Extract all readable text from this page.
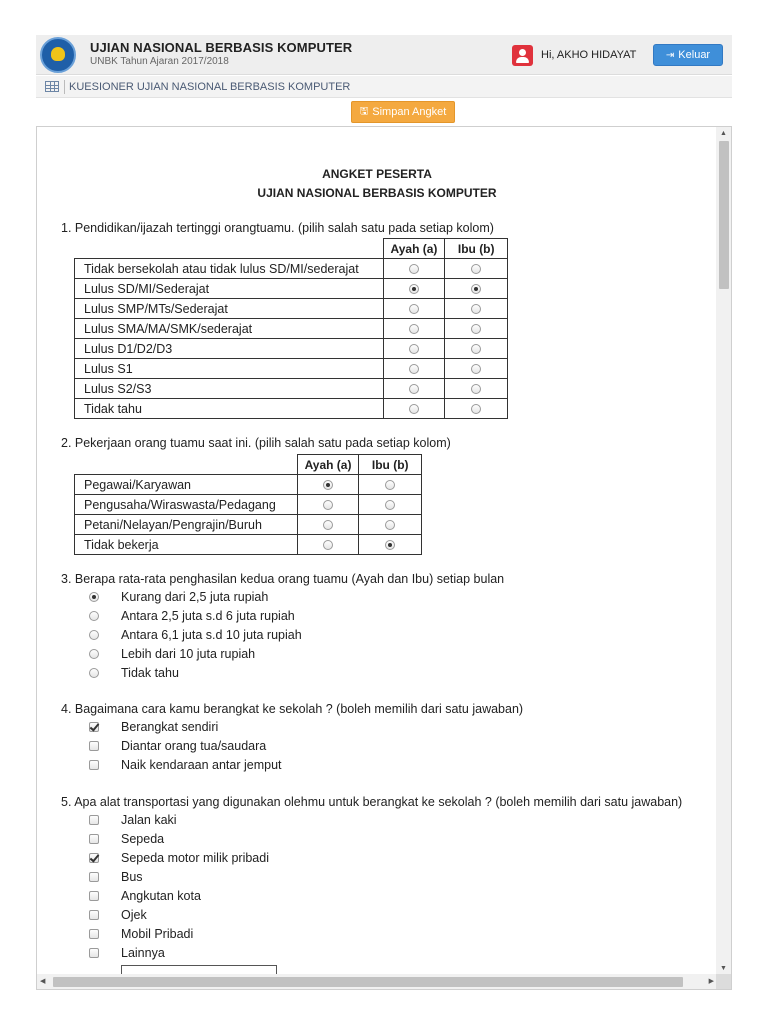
UJIAN NASIONAL BERBASIS KOMPUTER
UNBK Tahun Ajaran 2017/2018
Hi, AKHO HIDAYAT	⇥ Keluar
KUESIONER UJIAN NASIONAL BERBASIS KOMPUTER
🖫 Simpan Angket
ANGKET PESERTA
UJIAN NASIONAL BERBASIS KOMPUTER
1. Pendidikan/ijazah tertinggi orangtuamu. (pilih salah satu pada setiap kolom)
	Ayah (a)	Ibu (b)
Tidak bersekolah atau tidak lulus SD/MI/sederajat		
Lulus SD/MI/Sederajat		
Lulus SMP/MTs/Sederajat		
Lulus SMA/MA/SMK/sederajat		
Lulus D1/D2/D3		
Lulus S1		
Lulus S2/S3		
Tidak tahu		
2. Pekerjaan orang tuamu saat ini. (pilih salah satu pada setiap kolom)
	Ayah (a)	Ibu (b)
Pegawai/Karyawan		
Pengusaha/Wiraswasta/Pedagang		
Petani/Nelayan/Pengrajin/Buruh		
Tidak bekerja		
3. Berapa rata-rata penghasilan kedua orang tuamu (Ayah dan Ibu) setiap bulan
Kurang dari 2,5 juta rupiah
Antara 2,5 juta s.d 6 juta rupiah
Antara 6,1 juta s.d 10 juta rupiah
Lebih dari 10 juta rupiah
Tidak tahu
4. Bagaimana cara kamu berangkat ke sekolah ? (boleh memilih dari satu jawaban)
Berangkat sendiri
Diantar orang tua/saudara
Naik kendaraan antar jemput
5. Apa alat transportasi yang digunakan olehmu untuk berangkat ke sekolah ? (boleh memilih dari satu jawaban)
Jalan kaki
Sepeda
Sepeda motor milik pribadi
Bus
Angkutan kota
Ojek
Mobil Pribadi
Lainnya
▲
▼
◀	▶
